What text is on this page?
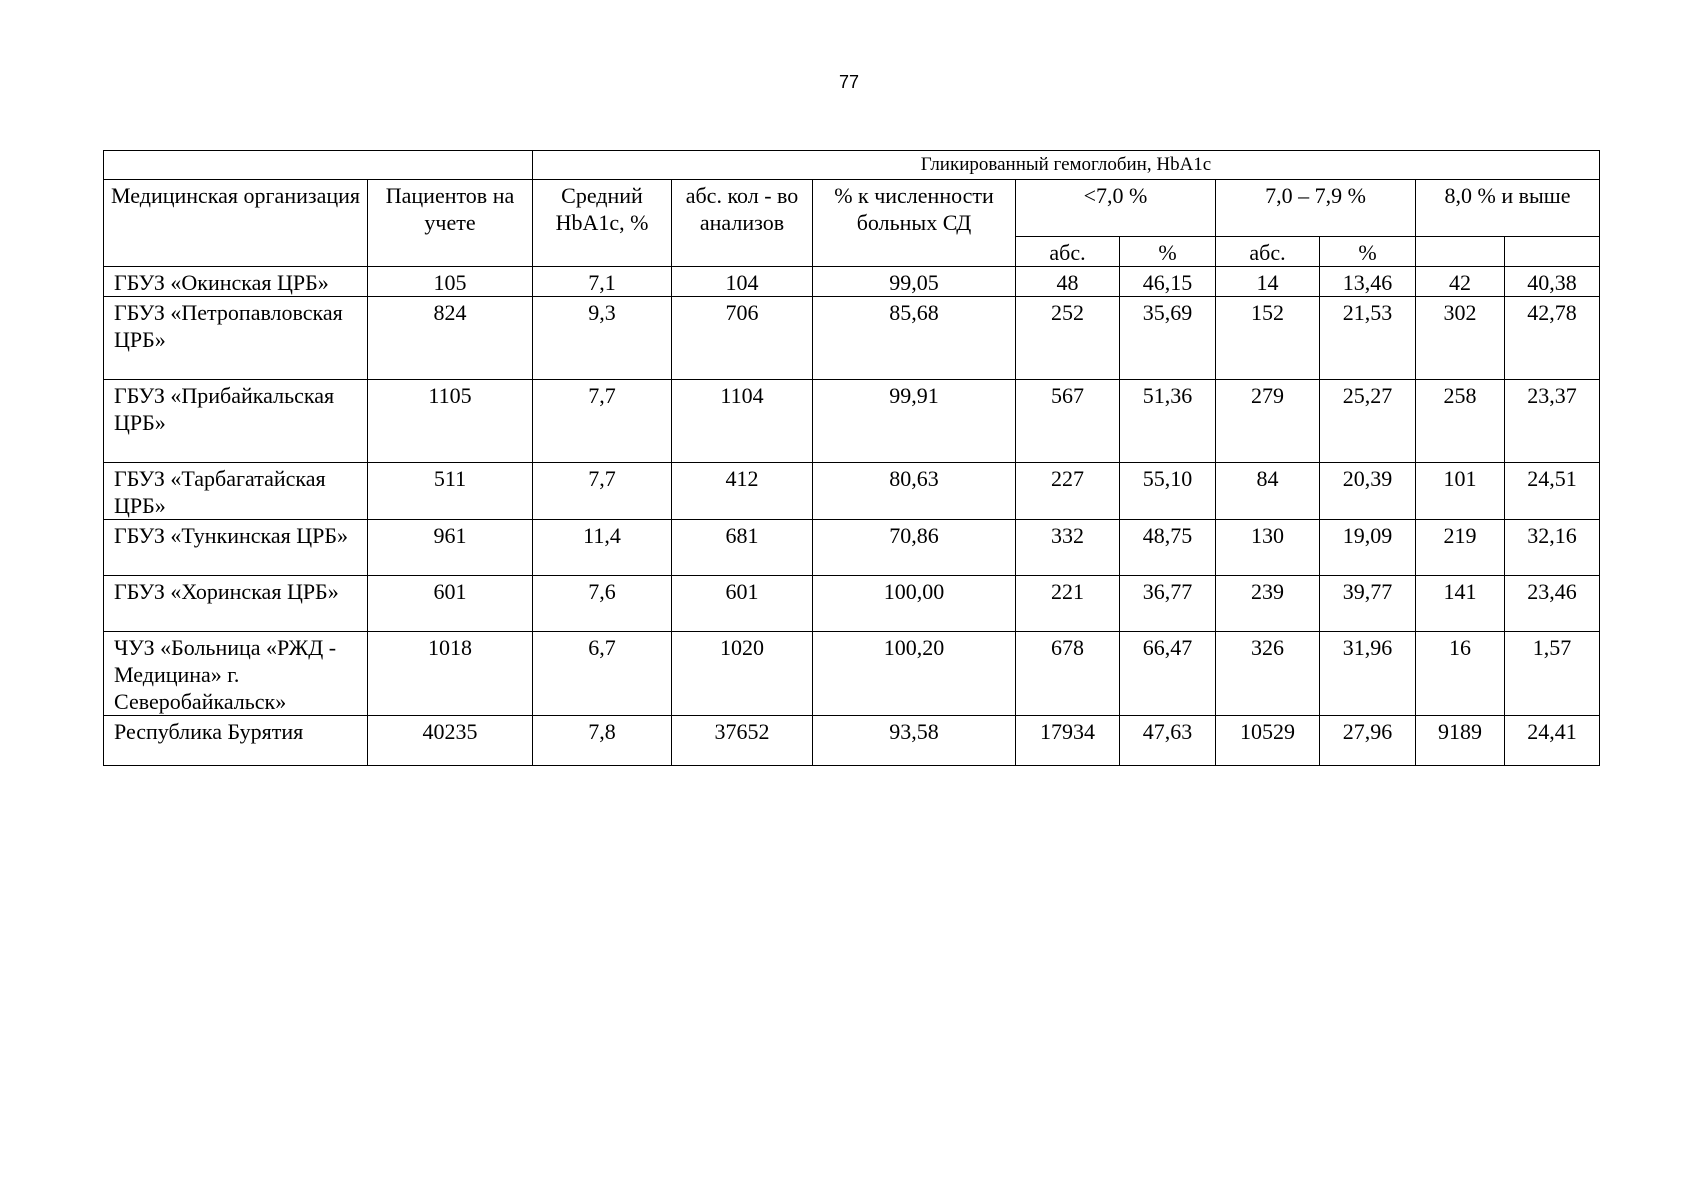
77
		Гликированный гемоглобин, HbA1c								
Медицинская организация	Пациентов на учете	Средний HbA1c, %	абс. кол - во анализов	% к численности больных СД	<7,0 %		7,0 – 7,9 %		8,0 % и выше	
					абс.	%	абс.	%		
ГБУЗ «Окинская ЦРБ»	105	7,1	104	99,05	48	46,15	14	13,46	42	40,38
ГБУЗ «Петропавловская ЦРБ»	824	9,3	706	85,68	252	35,69	152	21,53	302	42,78
ГБУЗ «Прибайкальская ЦРБ»	1105	7,7	1104	99,91	567	51,36	279	25,27	258	23,37
ГБУЗ «Тарбагатайская ЦРБ»	511	7,7	412	80,63	227	55,10	84	20,39	101	24,51
ГБУЗ «Тункинская ЦРБ»	961	11,4	681	70,86	332	48,75	130	19,09	219	32,16
ГБУЗ «Хоринская ЦРБ»	601	7,6	601	100,00	221	36,77	239	39,77	141	23,46
ЧУЗ «Больница «РЖД - Медицина» г. Северобайкальск»	1018	6,7	1020	100,20	678	66,47	326	31,96	16	1,57
Республика Бурятия	40235	7,8	37652	93,58	17934	47,63	10529	27,96	9189	24,41
